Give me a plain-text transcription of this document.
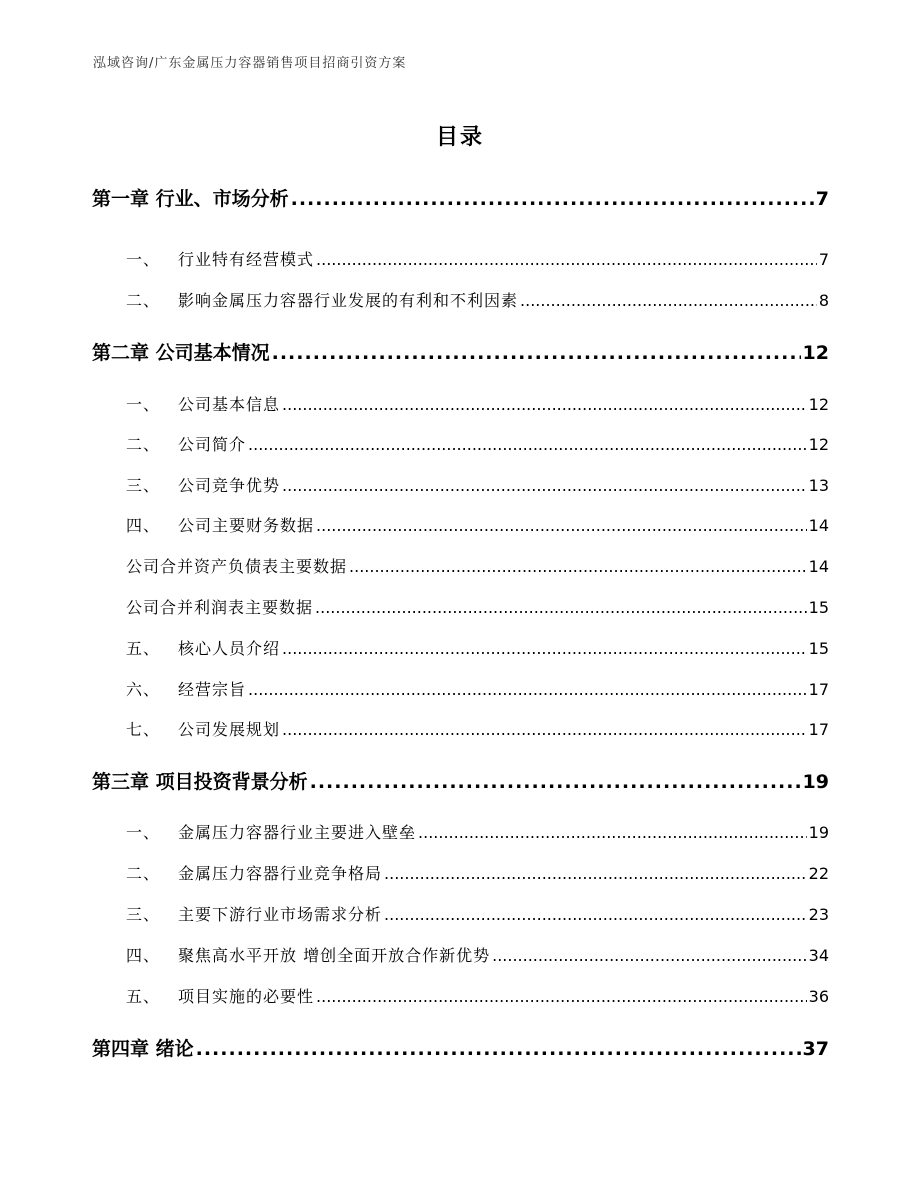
泓域咨询/广东金属压力容器销售项目招商引资方案
目录
第一章 行业、市场分析 .....	7
一、 行业特有经营模式 .....	7
二、 影响金属压力容器行业发展的有利和不利因素 .....	8
第二章 公司基本情况 .....	12
一、 公司基本信息 .....	12
二、 公司简介 .....	12
三、 公司竞争优势 .....	13
四、 公司主要财务数据 .....	14
公司合并资产负债表主要数据 .....	14
公司合并利润表主要数据 .....	15
五、 核心人员介绍 .....	15
六、 经营宗旨 .....	17
七、 公司发展规划 .....	17
第三章 项目投资背景分析 .....	19
一、 金属压力容器行业主要进入壁垒 .....	19
二、 金属压力容器行业竞争格局 .....	22
三、 主要下游行业市场需求分析 .....	23
四、 聚焦高水平开放 增创全面开放合作新优势 .....	34
五、 项目实施的必要性 .....	36
第四章 绪论 .....	37
